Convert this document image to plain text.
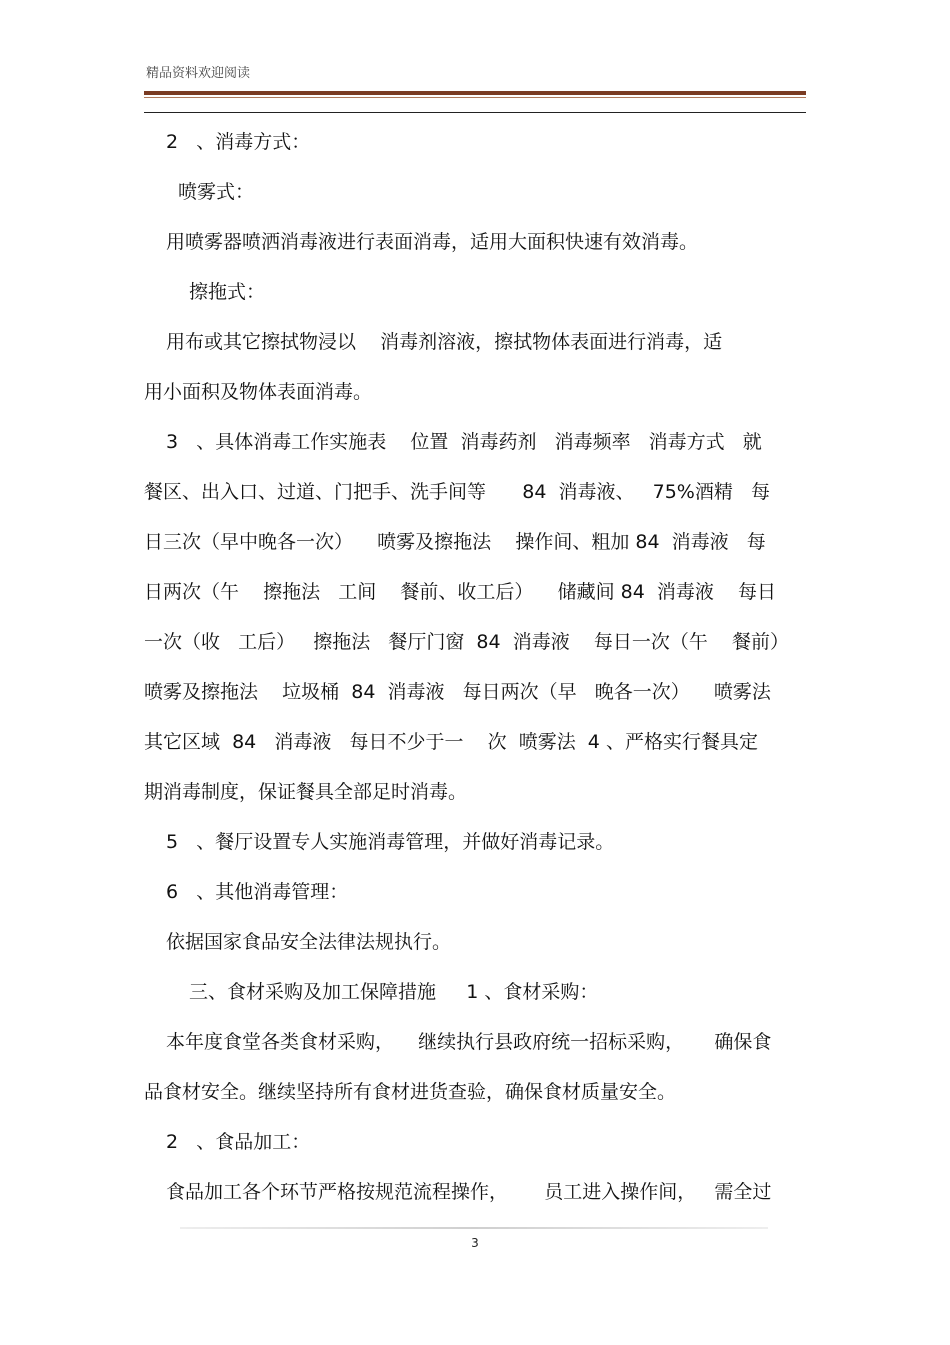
精品资料欢迎阅读
2   、消毒方式：
喷雾式：
用喷雾器喷洒消毒液进行表面消毒，适用大面积快速有效消毒。
擦拖式：
用布或其它擦拭物浸以    消毒剂溶液，擦拭物体表面进行消毒，适
用小面积及物体表面消毒。
3   、具体消毒工作实施表    位置  消毒药剂   消毒频率   消毒方式   就
餐区、出入口、过道、门把手、洗手间等      84  消毒液、   75%酒精   每
日三次（早中晚各一次）    喷雾及擦拖法    操作间、粗加 84  消毒液   每
日两次（午    擦拖法   工间    餐前、收工后）    储藏间 84  消毒液    每日
一次（收   工后）   擦拖法   餐厅门窗  84  消毒液    每日一次（午    餐前）
喷雾及擦拖法    垃圾桶  84  消毒液   每日两次（早   晚各一次）    喷雾法
其它区域  84   消毒液   每日不少于一    次  喷雾法  4 、严格实行餐具定
期消毒制度，保证餐具全部足时消毒。
5   、餐厅设置专人实施消毒管理，并做好消毒记录。
6   、其他消毒管理：
依据国家食品安全法律法规执行。
三、食材采购及加工保障措施     1 、食材采购：
本年度食堂各类食材采购，    继续执行县政府统一招标采购，     确保食
品食材安全。继续坚持所有食材进货查验，确保食材质量安全。
2   、食品加工：
食品加工各个环节严格按规范流程操作，      员工进入操作间，   需全过
3
